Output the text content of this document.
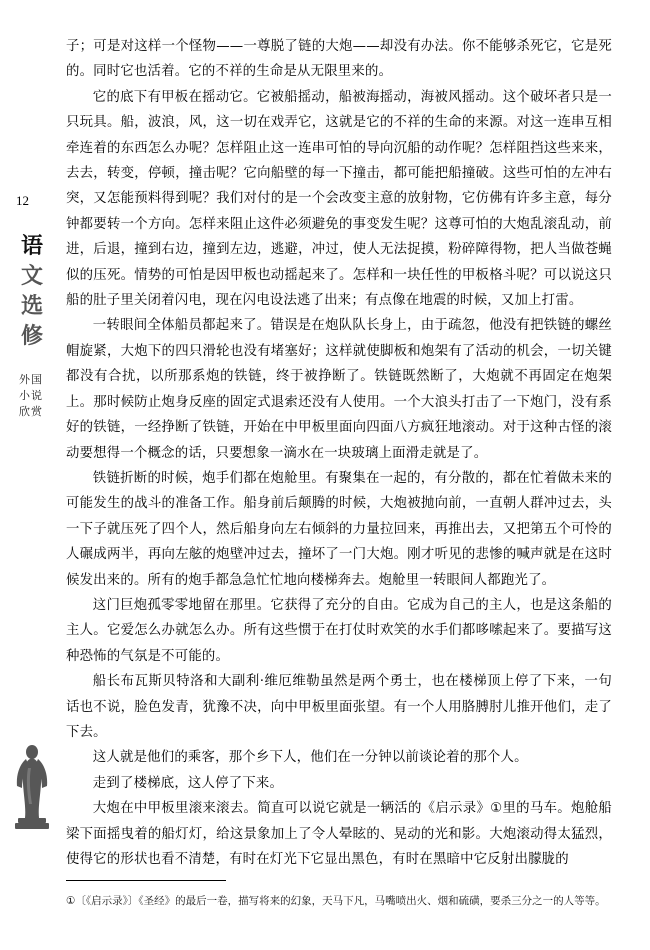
12
语
文
选
修
外国小说欣赏

子；可是对这样一个怪物——一尊脱了链的大炮——却没有办法。你不能够杀死它，它是死的。同时它也活着。它的不祥的生命是从无限里来的。

它的底下有甲板在摇动它。它被船摇动，船被海摇动，海被风摇动。这个破坏者只是一只玩具。船，波浪，风，这一切在戏弄它，这就是它的不祥的生命的来源。对这一连串互相牵连着的东西怎么办呢？怎样阻止这一连串可怕的导向沉船的动作呢？怎样阻挡这些来来，去去，转变，停顿，撞击呢？它向船壁的每一下撞击，都可能把船撞破。这些可怕的左冲右突，又怎能预料得到呢？我们对付的是一个会改变主意的放射物，它仿佛有许多主意，每分钟都要转一个方向。怎样来阻止这件必须避免的事变发生呢？这尊可怕的大炮乱滚乱动，前进，后退，撞到右边，撞到左边，逃避，冲过，使人无法捉摸，粉碎障得物，把人当做苍蝇似的压死。情势的可怕是因甲板也动摇起来了。怎样和一块任性的甲板格斗呢？可以说这只船的肚子里关闭着闪电，现在闪电设法逃了出来；有点像在地震的时候，又加上打雷。

一转眼间全体船员都起来了。错误是在炮队队长身上，由于疏忽，他没有把铁链的螺丝帽旋紧，大炮下的四只滑轮也没有堵塞好；这样就使脚板和炮架有了活动的机会，一切关键都没有合扰，以所那系炮的铁链，终于被挣断了。铁链既然断了，大炮就不再固定在炮架上。那时候防止炮身反座的固定式退索还没有人使用。一个大浪头打击了一下炮门，没有系好的铁链，一经挣断了铁链，开始在中甲板里面向四面八方疯狂地滚动。对于这种古怪的滚动要想得一个概念的话，只要想象一滴水在一块玻璃上面滑走就是了。

铁链折断的时候，炮手们都在炮舱里。有聚集在一起的，有分散的，都在忙着做未来的可能发生的战斗的准备工作。船身前后颠腾的时候，大炮被抛向前，一直朝人群冲过去，头一下子就压死了四个人，然后船身向左右倾斜的力量拉回来，再推出去，又把第五个可怜的人碾成两半，再向左舷的炮壁冲过去，撞坏了一门大炮。刚才听见的悲惨的喊声就是在这时候发出来的。所有的炮手都急急忙忙地向楼梯奔去。炮舱里一转眼间人都跑光了。

这门巨炮孤零零地留在那里。它获得了充分的自由。它成为自己的主人，也是这条船的主人。它爱怎么办就怎么办。所有这些惯于在打仗时欢笑的水手们都哆嗦起来了。要描写这种恐怖的气氛是不可能的。

船长布瓦斯贝特洛和大副利·维厄维勒虽然是两个勇士，也在楼梯顶上停了下来，一句话也不说，脸色发青，犹豫不决，向中甲板里面张望。有一个人用胳膊肘儿推开他们，走了下去。

这人就是他们的乘客，那个乡下人，他们在一分钟以前谈论着的那个人。

走到了楼梯底，这人停了下来。

大炮在中甲板里滚来滚去。简直可以说它就是一辆活的《启示录》①里的马车。炮舱船梁下面摇曳着的船灯灯，给这景象加上了令人晕眩的、晃动的光和影。大炮滚动得太猛烈，使得它的形状也看不清楚，有时在灯光下它显出黑色，有时在黑暗中它反射出朦胧的

①〔《启示录》〕《圣经》的最后一卷，描写将来的幻象，天马下凡，马嘴喷出火、烟和硫磺，要杀三分之一的人等等。
